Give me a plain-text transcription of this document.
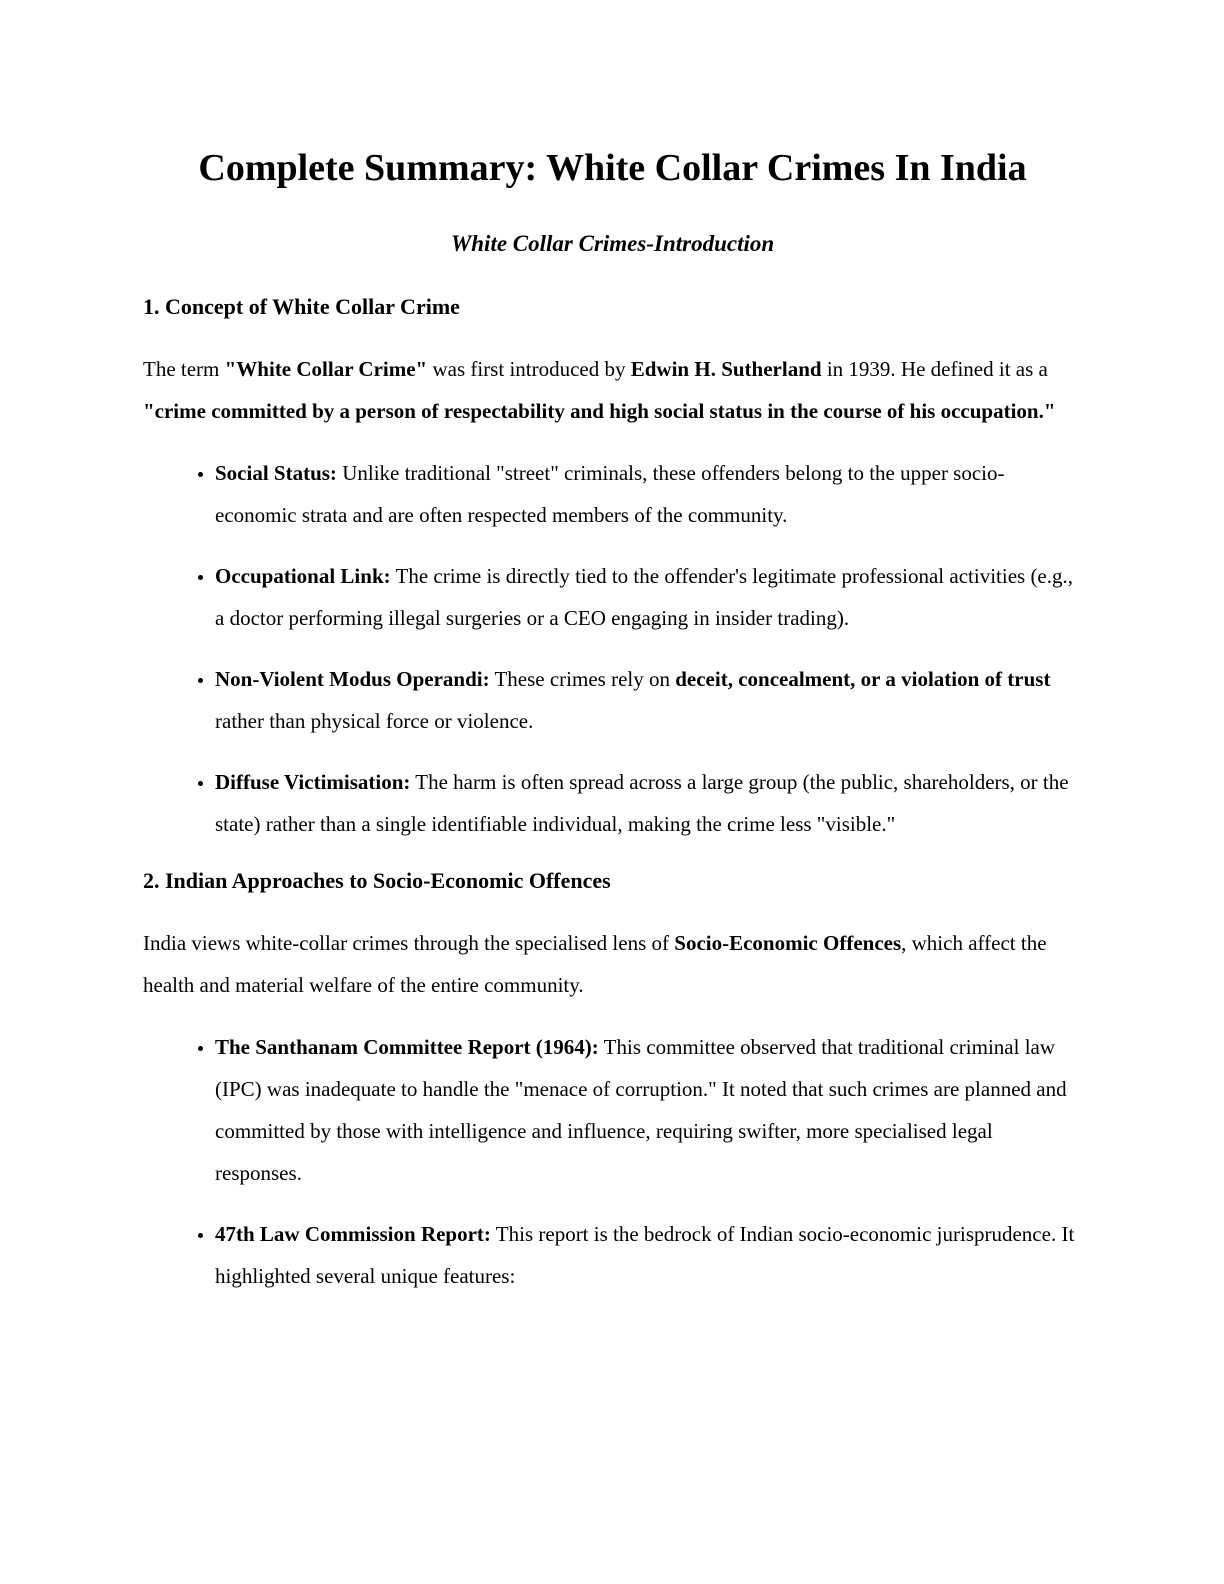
Complete Summary: White Collar Crimes In India
White Collar Crimes-Introduction
1. Concept of White Collar Crime

The term "White Collar Crime" was first introduced by Edwin H. Sutherland in 1939. He defined it as a "crime committed by a person of respectability and high social status in the course of his occupation."

• Social Status: Unlike traditional "street" criminals, these offenders belong to the upper socio-economic strata and are often respected members of the community.
• Occupational Link: The crime is directly tied to the offender's legitimate professional activities (e.g., a doctor performing illegal surgeries or a CEO engaging in insider trading).
• Non-Violent Modus Operandi: These crimes rely on deceit, concealment, or a violation of trust rather than physical force or violence.
• Diffuse Victimisation: The harm is often spread across a large group (the public, shareholders, or the state) rather than a single identifiable individual, making the crime less "visible."
2. Indian Approaches to Socio-Economic Offences

India views white-collar crimes through the specialised lens of Socio-Economic Offences, which affect the health and material welfare of the entire community.

• The Santhanam Committee Report (1964): This committee observed that traditional criminal law (IPC) was inadequate to handle the "menace of corruption." It noted that such crimes are planned and committed by those with intelligence and influence, requiring swifter, more specialised legal responses.
• 47th Law Commission Report: This report is the bedrock of Indian socio-economic jurisprudence. It highlighted several unique features:
